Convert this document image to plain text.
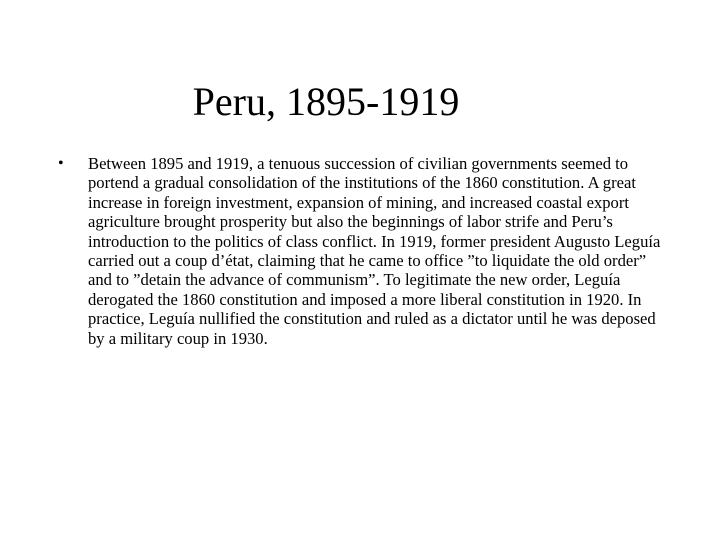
Peru, 1895-1919
• Between 1895 and 1919, a tenuous succession of civilian governments seemed to portend a gradual consolidation of the institutions of the 1860 constitution. A great increase in foreign investment, expansion of mining, and increased coastal export agriculture brought prosperity but also the beginnings of labor strife and Peru’s introduction to the politics of class conflict. In 1919, former president Augusto Leguía carried out a coup d’état, claiming that he came to office ”to liquidate the old order” and to ”detain the advance of communism”. To legitimate the new order, Leguía derogated the 1860 constitution and imposed a more liberal constitution in 1920. In practice, Leguía nullified the constitution and ruled as a dictator until he was deposed by a military coup in 1930.
